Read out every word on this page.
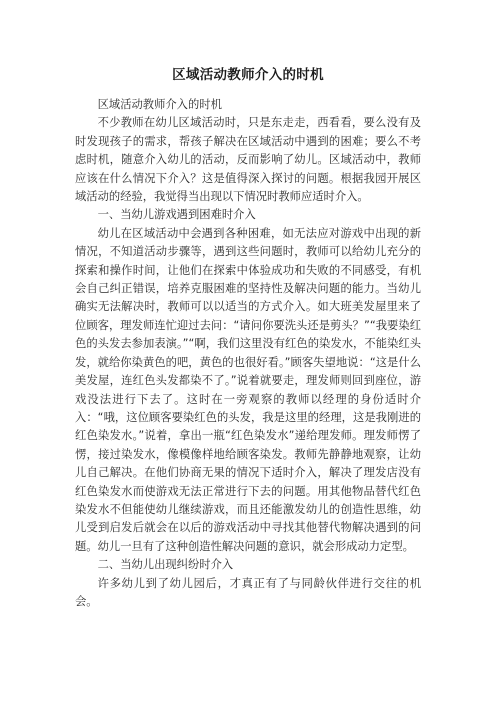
区域活动教师介入的时机

区域活动教师介入的时机

不少教师在幼儿区域活动时，只是东走走，西看看，要么没有及时发现孩子的需求，帮孩子解决在区域活动中遇到的困难；要么不考虑时机，随意介入幼儿的活动，反而影响了幼儿。区域活动中，教师应该在什么情况下介入？这是值得深入探讨的问题。根据我园开展区域活动的经验，我觉得当出现以下情况时教师应适时介入。

一、当幼儿游戏遇到困难时介入

幼儿在区域活动中会遇到各种困难，如无法应对游戏中出现的新情况，不知道活动步骤等，遇到这些问题时，教师可以给幼儿充分的探索和操作时间，让他们在探索中体验成功和失败的不同感受，有机会自己纠正错误，培养克服困难的坚持性及解决问题的能力。当幼儿确实无法解决时，教师可以以适当的方式介入。如大班美发屋里来了位顾客，理发师连忙迎过去问：“请问你要洗头还是剪头？”“我要染红色的头发去参加表演。”“啊，我们这里没有红色的染发水，不能染红头发，就给你染黄色的吧，黄色的也很好看。”顾客失望地说：“这是什么美发屋，连红色头发都染不了。”说着就要走，理发师则回到座位，游戏没法进行下去了。这时在一旁观察的教师以经理的身份适时介入：“哦，这位顾客要染红色的头发，我是这里的经理，这是我刚进的红色染发水。”说着，拿出一瓶“红色染发水”递给理发师。理发师愣了愣，接过染发水，像模像样地给顾客染发。教师先静静地观察，让幼儿自己解决。在他们协商无果的情况下适时介入，解决了理发店没有红色染发水而使游戏无法正常进行下去的问题。用其他物品替代红色染发水不但能使幼儿继续游戏，而且还能激发幼儿的创造性思维，幼儿受到启发后就会在以后的游戏活动中寻找其他替代物解决遇到的问题。幼儿一旦有了这种创造性解决问题的意识，就会形成动力定型。

二、当幼儿出现纠纷时介入

许多幼儿到了幼儿园后，才真正有了与同龄伙伴进行交往的机会。
